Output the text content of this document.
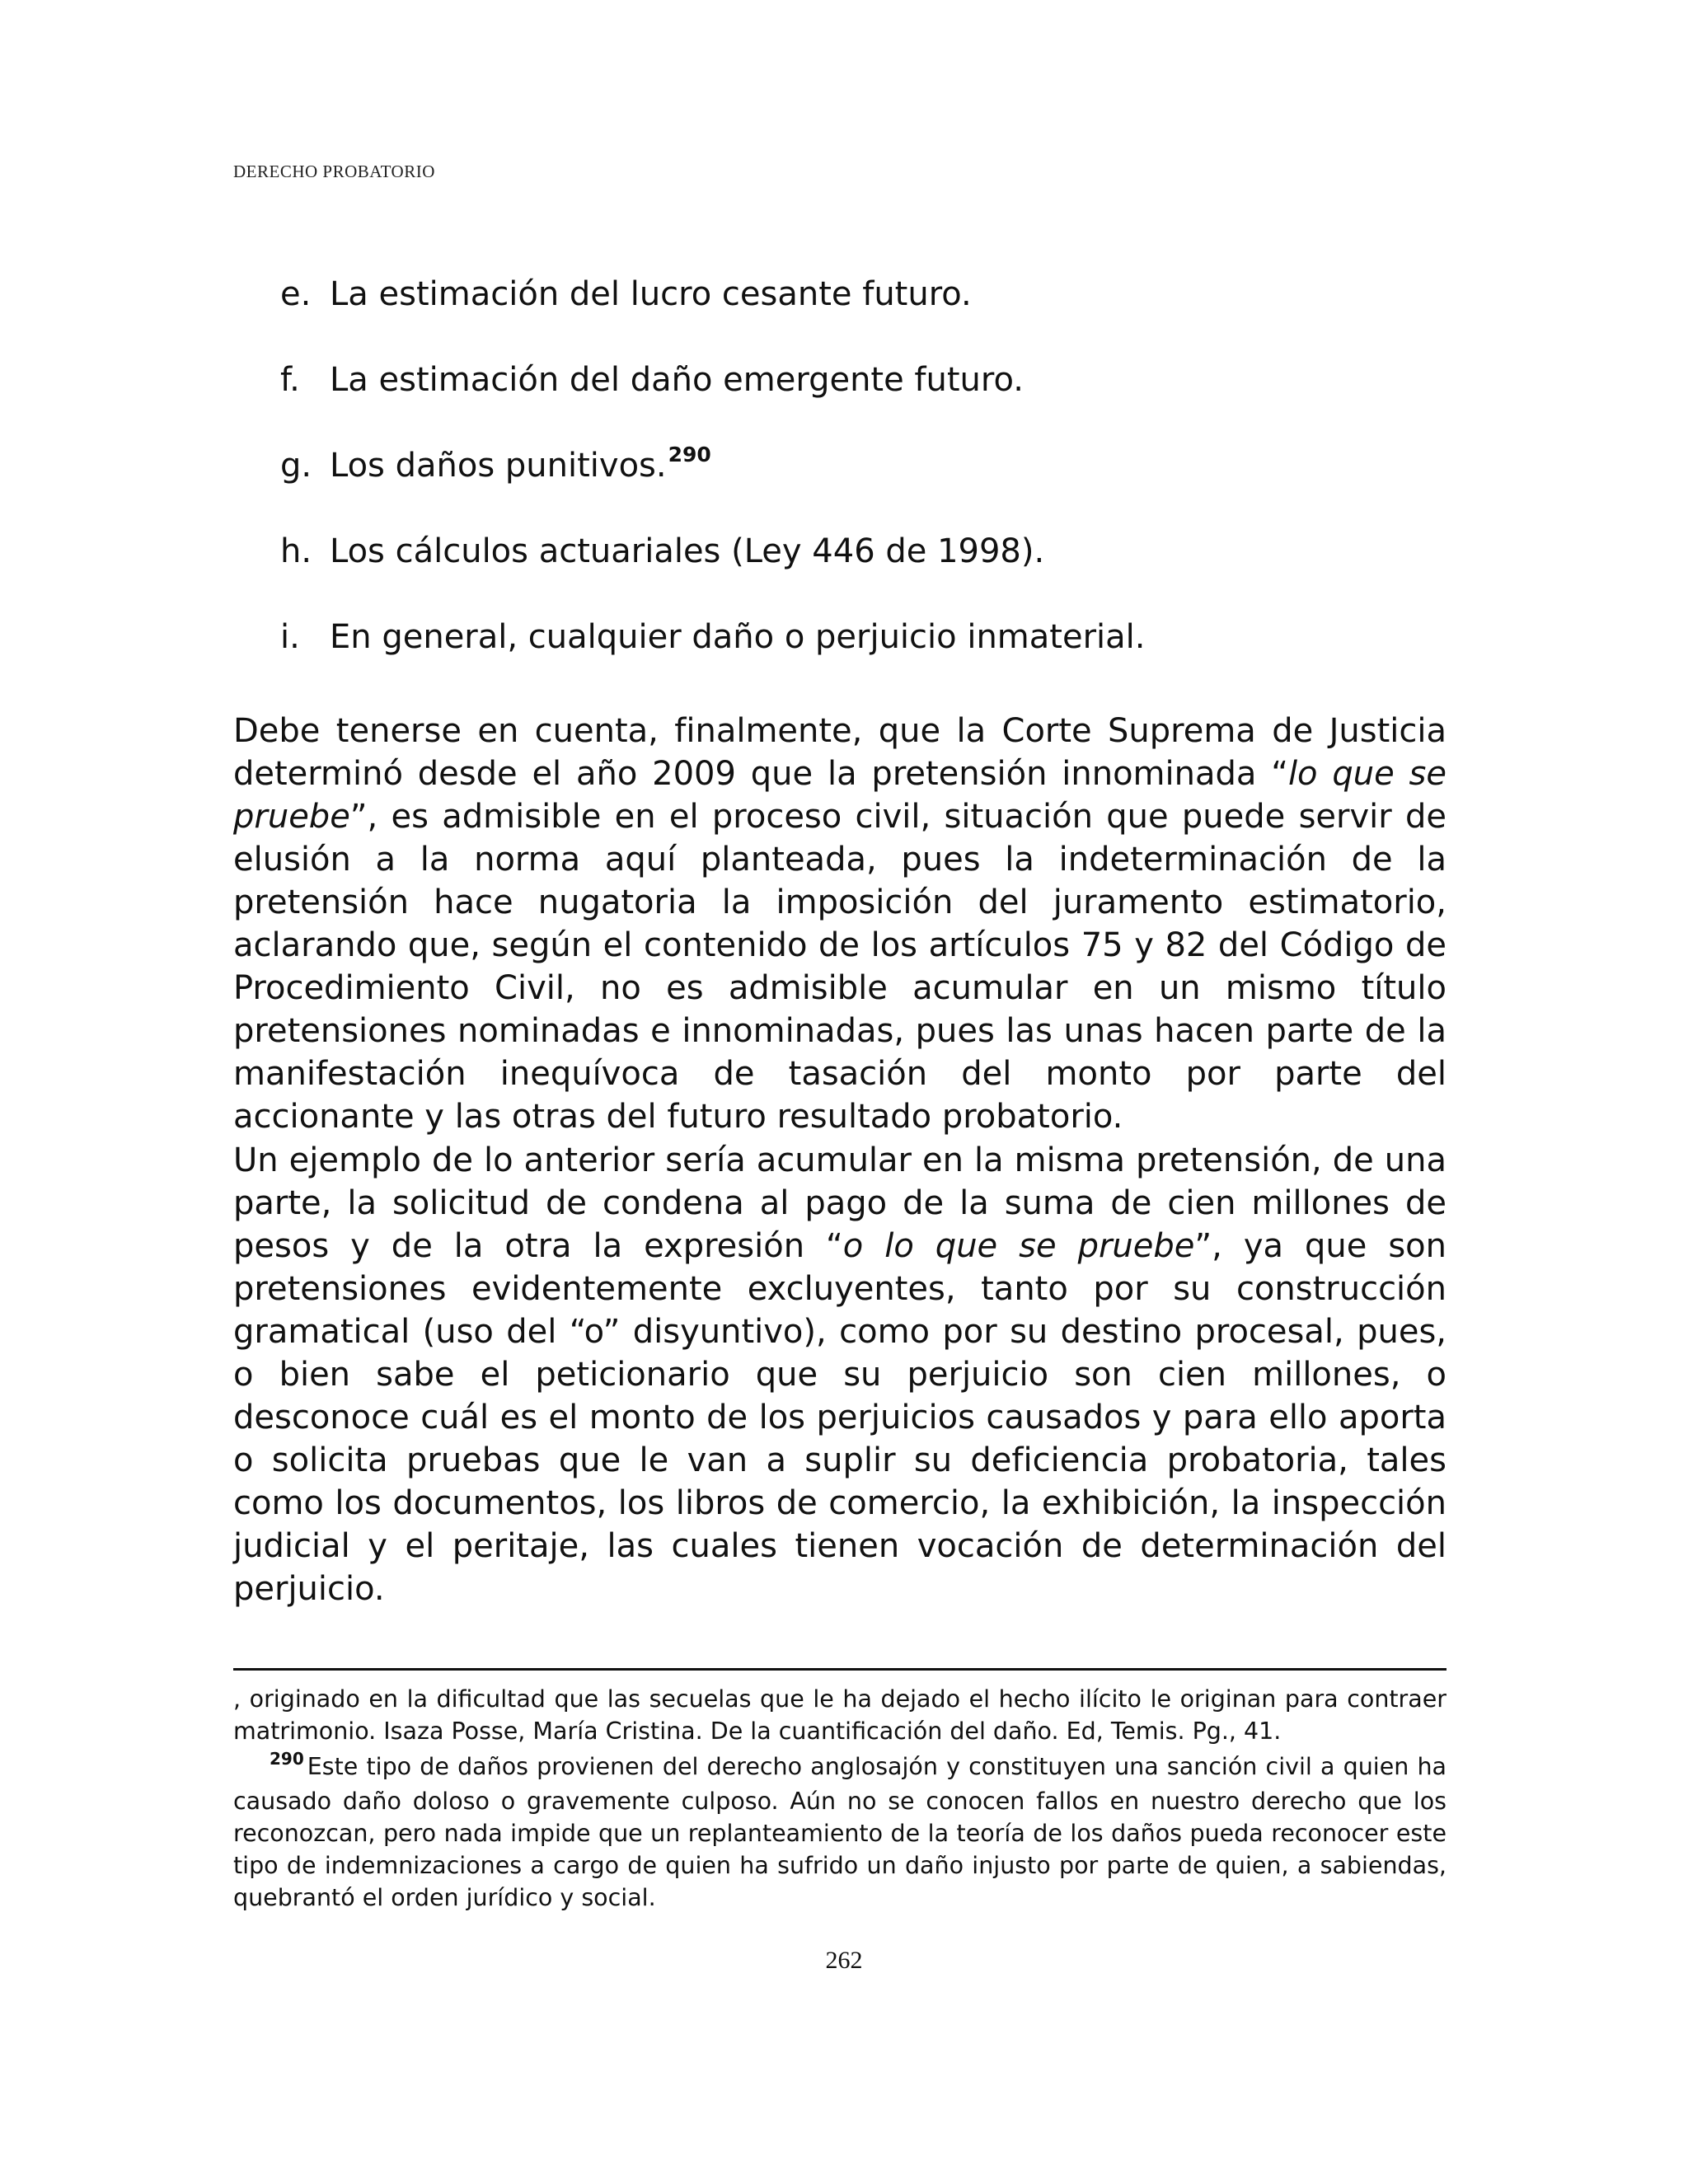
DERECHO PROBATORIO
e. La estimación del lucro cesante futuro.
f. La estimación del daño emergente futuro.
g. Los daños punitivos.$^{290}$
h. Los cálculos actuariales (Ley 446 de 1998).
i. En general, cualquier daño o perjuicio inmaterial.

Debe tenerse en cuenta, finalmente, que la Corte Suprema de Justicia determinó desde el año 2009 que la pretensión innominada “lo que se pruebe”, es admisible en el proceso civil, situación que puede servir de elusión a la norma aquí planteada, pues la indeterminación de la pretensión hace nugatoria la imposición del juramento estimatorio, aclarando que, según el contenido de los artículos 75 y 82 del Código de Procedimiento Civil, no es admisible acumular en un mismo título pretensiones nominadas e innominadas, pues las unas hacen parte de la manifestación inequívoca de tasación del monto por parte del accionante y las otras del futuro resultado probatorio.

Un ejemplo de lo anterior sería acumular en la misma pretensión, de una parte, la solicitud de condena al pago de la suma de cien millones de pesos y de la otra la expresión “o lo que se pruebe”, ya que son pretensiones evidentemente excluyentes, tanto por su construcción gramatical (uso del “o” disyuntivo), como por su destino procesal, pues, o bien sabe el peticionario que su perjuicio son cien millones, o desconoce cuál es el monto de los perjuicios causados y para ello aporta o solicita pruebas que le van a suplir su deficiencia probatoria, tales como los documentos, los libros de comercio, la exhibición, la inspección judicial y el peritaje, las cuales tienen vocación de determinación del perjuicio.

, originado en la dificultad que las secuelas que le ha dejado el hecho ilícito le originan para contraer matrimonio. Isaza Posse, María Cristina. De la cuantificación del daño. Ed, Temis. Pg., 41.

$^{290}$ Este tipo de daños provienen del derecho anglosajón y constituyen una sanción civil a quien ha causado daño doloso o gravemente culposo. Aún no se conocen fallos en nuestro derecho que los reconozcan, pero nada impide que un replanteamiento de la teoría de los daños pueda reconocer este tipo de indemnizaciones a cargo de quien ha sufrido un daño injusto por parte de quien, a sabiendas, quebrantó el orden jurídico y social.

262
